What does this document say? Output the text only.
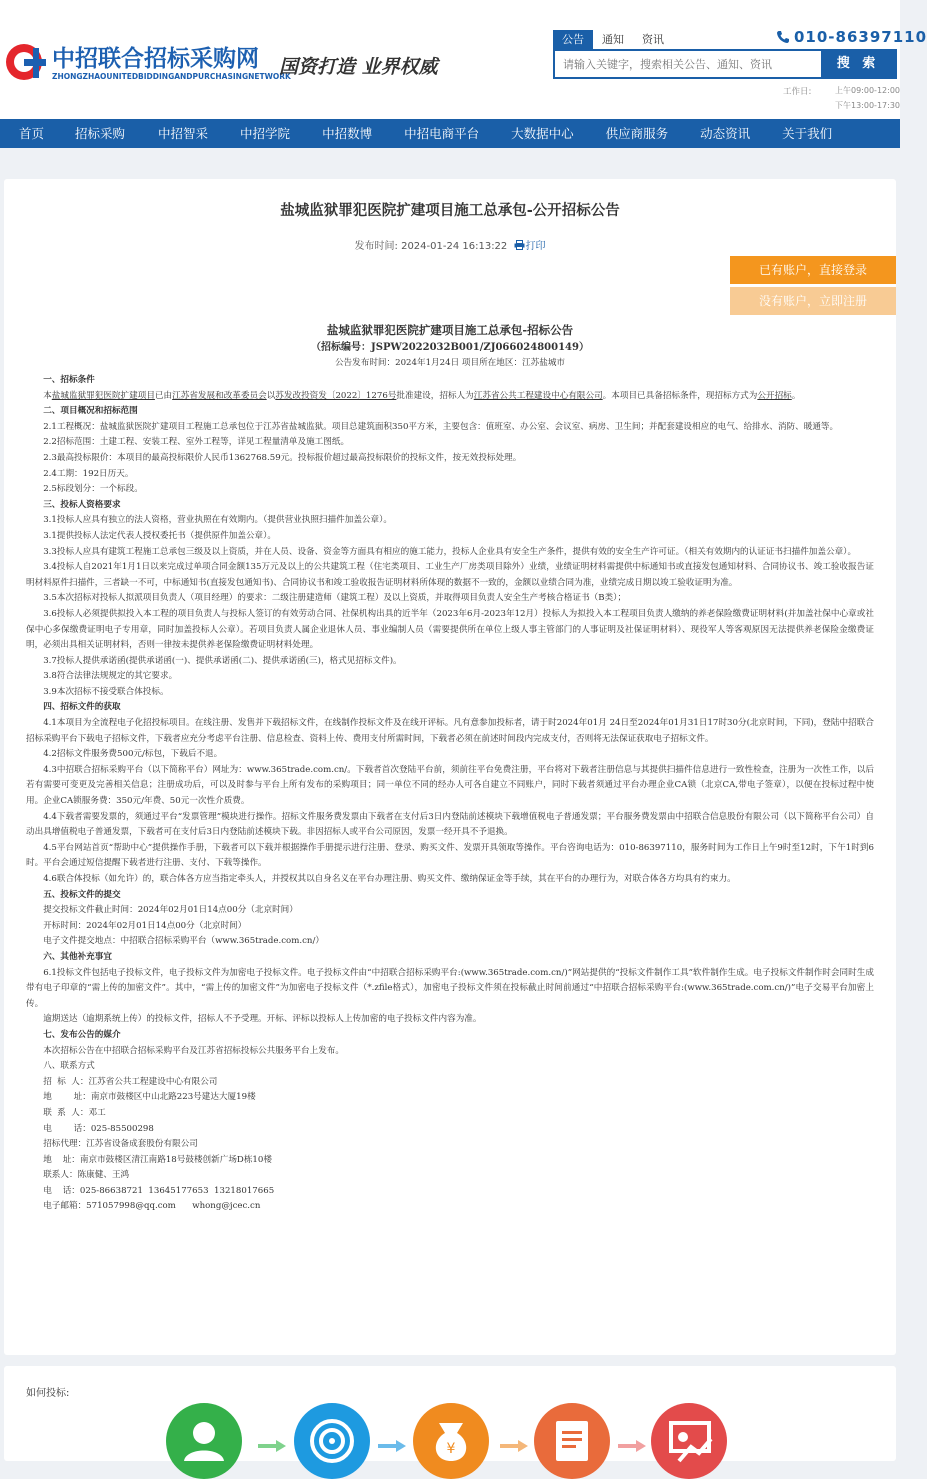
中招联合招标采购网
ZHONGZHAOUNITEDBIDDINGANDPURCHASINGNETWORK
国资打造 业界权威
010-86397110
公告	通知	资讯
请输入关键字，搜索相关公告、通知、资讯
搜 索
工作日:	上午09:00-12:00
下午13:00-17:30
首页	招标采购	中招智采	中招学院	中招数博	中招电商平台	大数据中心	供应商服务	动态资讯	关于我们
盐城监狱罪犯医院扩建项目施工总承包-公开招标公告
发布时间: 2024-01-24 16:13:22 打印
已有账户，直接登录
没有账户，立即注册
盐城监狱罪犯医院扩建项目施工总承包-招标公告
（招标编号：JSPW2022032B001/ZJ066024800149）
公告发布时间：2024年1月24日 项目所在地区：江苏盐城市

一、招标条件

本盐城监狱罪犯医院扩建项目已由江苏省发展和改革委员会以苏发改投资发〔2022〕1276号批准建设，招标人为江苏省公共工程建设中心有限公司。本项目已具备招标条件，现招标方式为公开招标。

二、项目概况和招标范围

2.1工程概况：盐城监狱医院扩建项目工程施工总承包位于江苏省盐城监狱。项目总建筑面积350平方米，主要包含：值班室、办公室、会议室、病房、卫生间；并配套建设相应的电气、给排水、消防、暖通等。

2.2招标范围：土建工程、安装工程、室外工程等，详见工程量清单及施工图纸。

2.3最高投标限价：本项目的最高投标限价人民币1362768.59元。投标报价超过最高投标限价的投标文件，按无效投标处理。

2.4工期：192日历天。

2.5标段划分：一个标段。

三、投标人资格要求

3.1投标人应具有独立的法人资格，营业执照在有效期内。（提供营业执照扫描件加盖公章）。

3.1提供投标人法定代表人授权委托书（提供原件加盖公章）。

3.3投标人应具有建筑工程施工总承包三级及以上资质，并在人员、设备、资金等方面具有相应的施工能力，投标人企业具有安全生产条件，提供有效的安全生产许可证。（相关有效期内的认证证书扫描件加盖公章）。

3.4投标人自2021年1月1日以来完成过单项合同金额135万元及以上的公共建筑工程（住宅类项目、工业生产厂房类项目除外）业绩，业绩证明材料需提供中标通知书或直接发包通知材料、合同协议书、竣工验收报告证明材料原件扫描件，三者缺一不可，中标通知书(直接发包通知书)、合同协议书和竣工验收报告证明材料所体现的数据不一致的，金额以业绩合同为准，业绩完成日期以竣工验收证明为准。

3.5本次招标对投标人拟派项目负责人（项目经理）的要求：二级注册建造师（建筑工程）及以上资质，并取得项目负责人安全生产考核合格证书（B类）；

3.6投标人必须提供拟投入本工程的项目负责人与投标人签订的有效劳动合同、社保机构出具的近半年（2023年6月-2023年12月）投标人为拟投入本工程项目负责人缴纳的养老保险缴费证明材料(并加盖社保中心章或社保中心多保缴费证明电子专用章，同时加盖投标人公章）。若项目负责人属企业退休人员、事业编制人员（需要提供所在单位上级人事主管部门的人事证明及社保证明材料）、现役军人等客观原因无法提供养老保险金缴费证明，必须出具相关证明材料，否则一律按未提供养老保险缴费证明材料处理。

3.7投标人提供承诺函(提供承诺函(一)、提供承诺函(二)、提供承诺函(三)，格式见招标文件)。

3.8符合法律法规规定的其它要求。

3.9本次招标不接受联合体投标。

四、招标文件的获取

4.1本项目为全流程电子化招投标项目。在线注册、发售并下载招标文件，在线制作投标文件及在线开评标。凡有意参加投标者，请于时2024年01月 24日至2024年01月31日17时30分(北京时间，下同)，登陆中招联合招标采购平台下载电子招标文件，下载者应充分考虑平台注册、信息检查、资料上传、费用支付所需时间，下载者必须在前述时间段内完成支付，否则将无法保证获取电子招标文件。

4.2招标文件服务费500元/标包，下载后不退。

4.3中招联合招标采购平台（以下简称平台）网址为：www.365trade.com.cn/。下载者首次登陆平台前，须前往平台免费注册，平台将对下载者注册信息与其提供扫描件信息进行一致性检查，注册为一次性工作，以后若有需要可变更及完善相关信息；注册成功后，可以及时参与平台上所有发布的采购项目；同一单位不同的经办人可各自建立不同账户，同时下载者须通过平台办理企业CA锁（北京CA,带电子签章），以便在投标过程中使用。企业CA锁服务费：350元/年费、50元一次性介质费。

4.4下载者需要发票的，须通过平台“发票管理”模块进行操作。招标文件服务费发票由下载者在支付后3日内登陆前述模块下载增值税电子普通发票；平台服务费发票由中招联合信息股份有限公司（以下简称平台公司）自动出具增值税电子普通发票，下载者可在支付后3日内登陆前述模块下载。非因招标人或平台公司原因，发票一经开具不予退换。

4.5平台网站首页“帮助中心”提供操作手册，下载者可以下载并根据操作手册提示进行注册、登录、购买文件、发票开具领取等操作。平台咨询电话为：010-86397110，服务时间为工作日上午9时至12时，下午1时到6时。平台会通过短信提醒下载者进行注册、支付、下载等操作。

4.6联合体投标（如允许）的，联合体各方应当指定牵头人，并授权其以自身名义在平台办理注册、购买文件、缴纳保证金等手续，其在平台的办理行为，对联合体各方均具有约束力。

五、投标文件的提交

提交投标文件截止时间：2024年02月01日14点00分（北京时间）

开标时间：2024年02月01日14点00分（北京时间）

电子文件提交地点：中招联合招标采购平台（www.365trade.com.cn/）

六、其他补充事宜

6.1投标文件包括电子投标文件，电子投标文件为加密电子投标文件。电子投标文件由“中招联合招标采购平台:(www.365trade.com.cn/)”网站提供的“投标文件制作工具”软件制作生成。电子投标文件制作时会同时生成带有电子印章的“需上传的加密文件”。其中，“需上传的加密文件”为加密电子投标文件（*.zfile格式），加密电子投标文件须在投标截止时间前通过“中招联合招标采购平台:(www.365trade.com.cn/)”电子交易平台加密上传。

逾期送达（逾期系统上传）的投标文件，招标人不予受理。开标、评标以投标人上传加密的电子投标文件内容为准。

七、发布公告的媒介

本次招标公告在中招联合招标采购平台及江苏省招标投标公共服务平台上发布。

八、联系方式

招  标  人：江苏省公共工程建设中心有限公司

地        址：南京市鼓楼区中山北路223号建达大厦19楼

联  系  人：邓工

电        话：025-85500298

招标代理：江苏省设备成套股份有限公司

地    址：南京市鼓楼区清江南路18号鼓楼创新广场D栋10楼

联系人：陈康健、王鸿

电    话：025-86638721  13645177653  13218017665

电子邮箱：571057998@qq.com      whong@jcec.cn

如何投标:
¥
